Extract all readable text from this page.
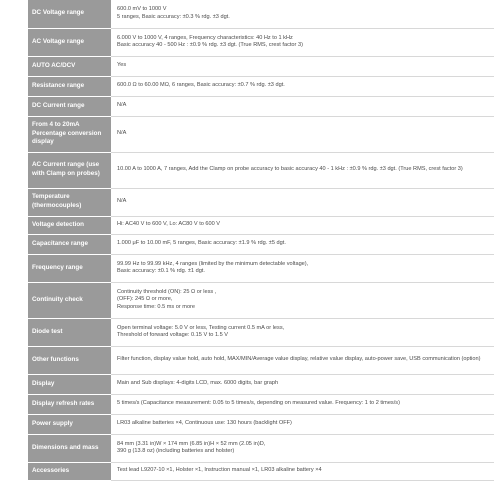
DC Voltage range	600.0 mV to 1000 V
5 ranges, Basic accuracy: ±0.3 % rdg. ±3 dgt.

AC Voltage range	6.000 V to 1000 V, 4 ranges, Frequency characteristics: 40 Hz to 1 kHz
Basic accuracy 40 - 500 Hz : ±0.9 % rdg. ±3 dgt. (True RMS, crest factor 3)

AUTO AC/DCV	Yes

Resistance range	600.0 Ω to 60.00 MΩ, 6 ranges, Basic accuracy: ±0.7 % rdg. ±3 dgt.

DC Current range	N/A

From 4 to 20mA Percentage conversion display	N/A

AC Current range (use with Clamp on probes)	10.00 A to 1000 A, 7 ranges, Add the Clamp on probe accuracy to basic accuracy 40 - 1 kHz : ±0.9 % rdg. ±3 dgt. (True RMS, crest factor 3)

Temperature (thermocouples)	N/A

Voltage detection	Hi: AC40 V to 600 V, Lo: AC80 V to 600 V

Capacitance range	1.000 μF to 10.00 mF, 5 ranges, Basic accuracy: ±1.9 % rdg. ±5 dgt.

Frequency range	99.99 Hz to 99.99 kHz, 4 ranges (limited by the minimum detectable voltage),
Basic accuracy: ±0.1 % rdg. ±1 dgt.

Continuity check	Continuity threshold (ON): 25 Ω or less ,
(OFF): 245 Ω or more,
Response time: 0.5 ms or more

Diode test	Open terminal voltage: 5.0 V or less, Testing current 0.5 mA or less,
Threshold of forward voltage: 0.15 V to 1.5 V

Other functions	Filter function, display value hold, auto hold, MAX/MIN/Average value display, relative value display, auto-power save, USB communication (option)

Display	Main and Sub displays: 4-digits LCD, max. 6000 digits, bar graph

Display refresh rates	5 times/s (Capacitance measurement: 0.05 to 5 times/s, depending on measured value. Frequency: 1 to 2 times/s)

Power supply	LR03 alkaline batteries ×4, Continuous use: 130 hours (backlight OFF)

Dimensions and mass	84 mm (3.31 in)W × 174 mm (6.85 in)H × 52 mm (2.05 in)D,
390 g (13.8 oz) (including batteries and holster)

Accessories	Test lead L9207-10 ×1, Holster ×1, Instruction manual ×1, LR03 alkaline battery ×4
